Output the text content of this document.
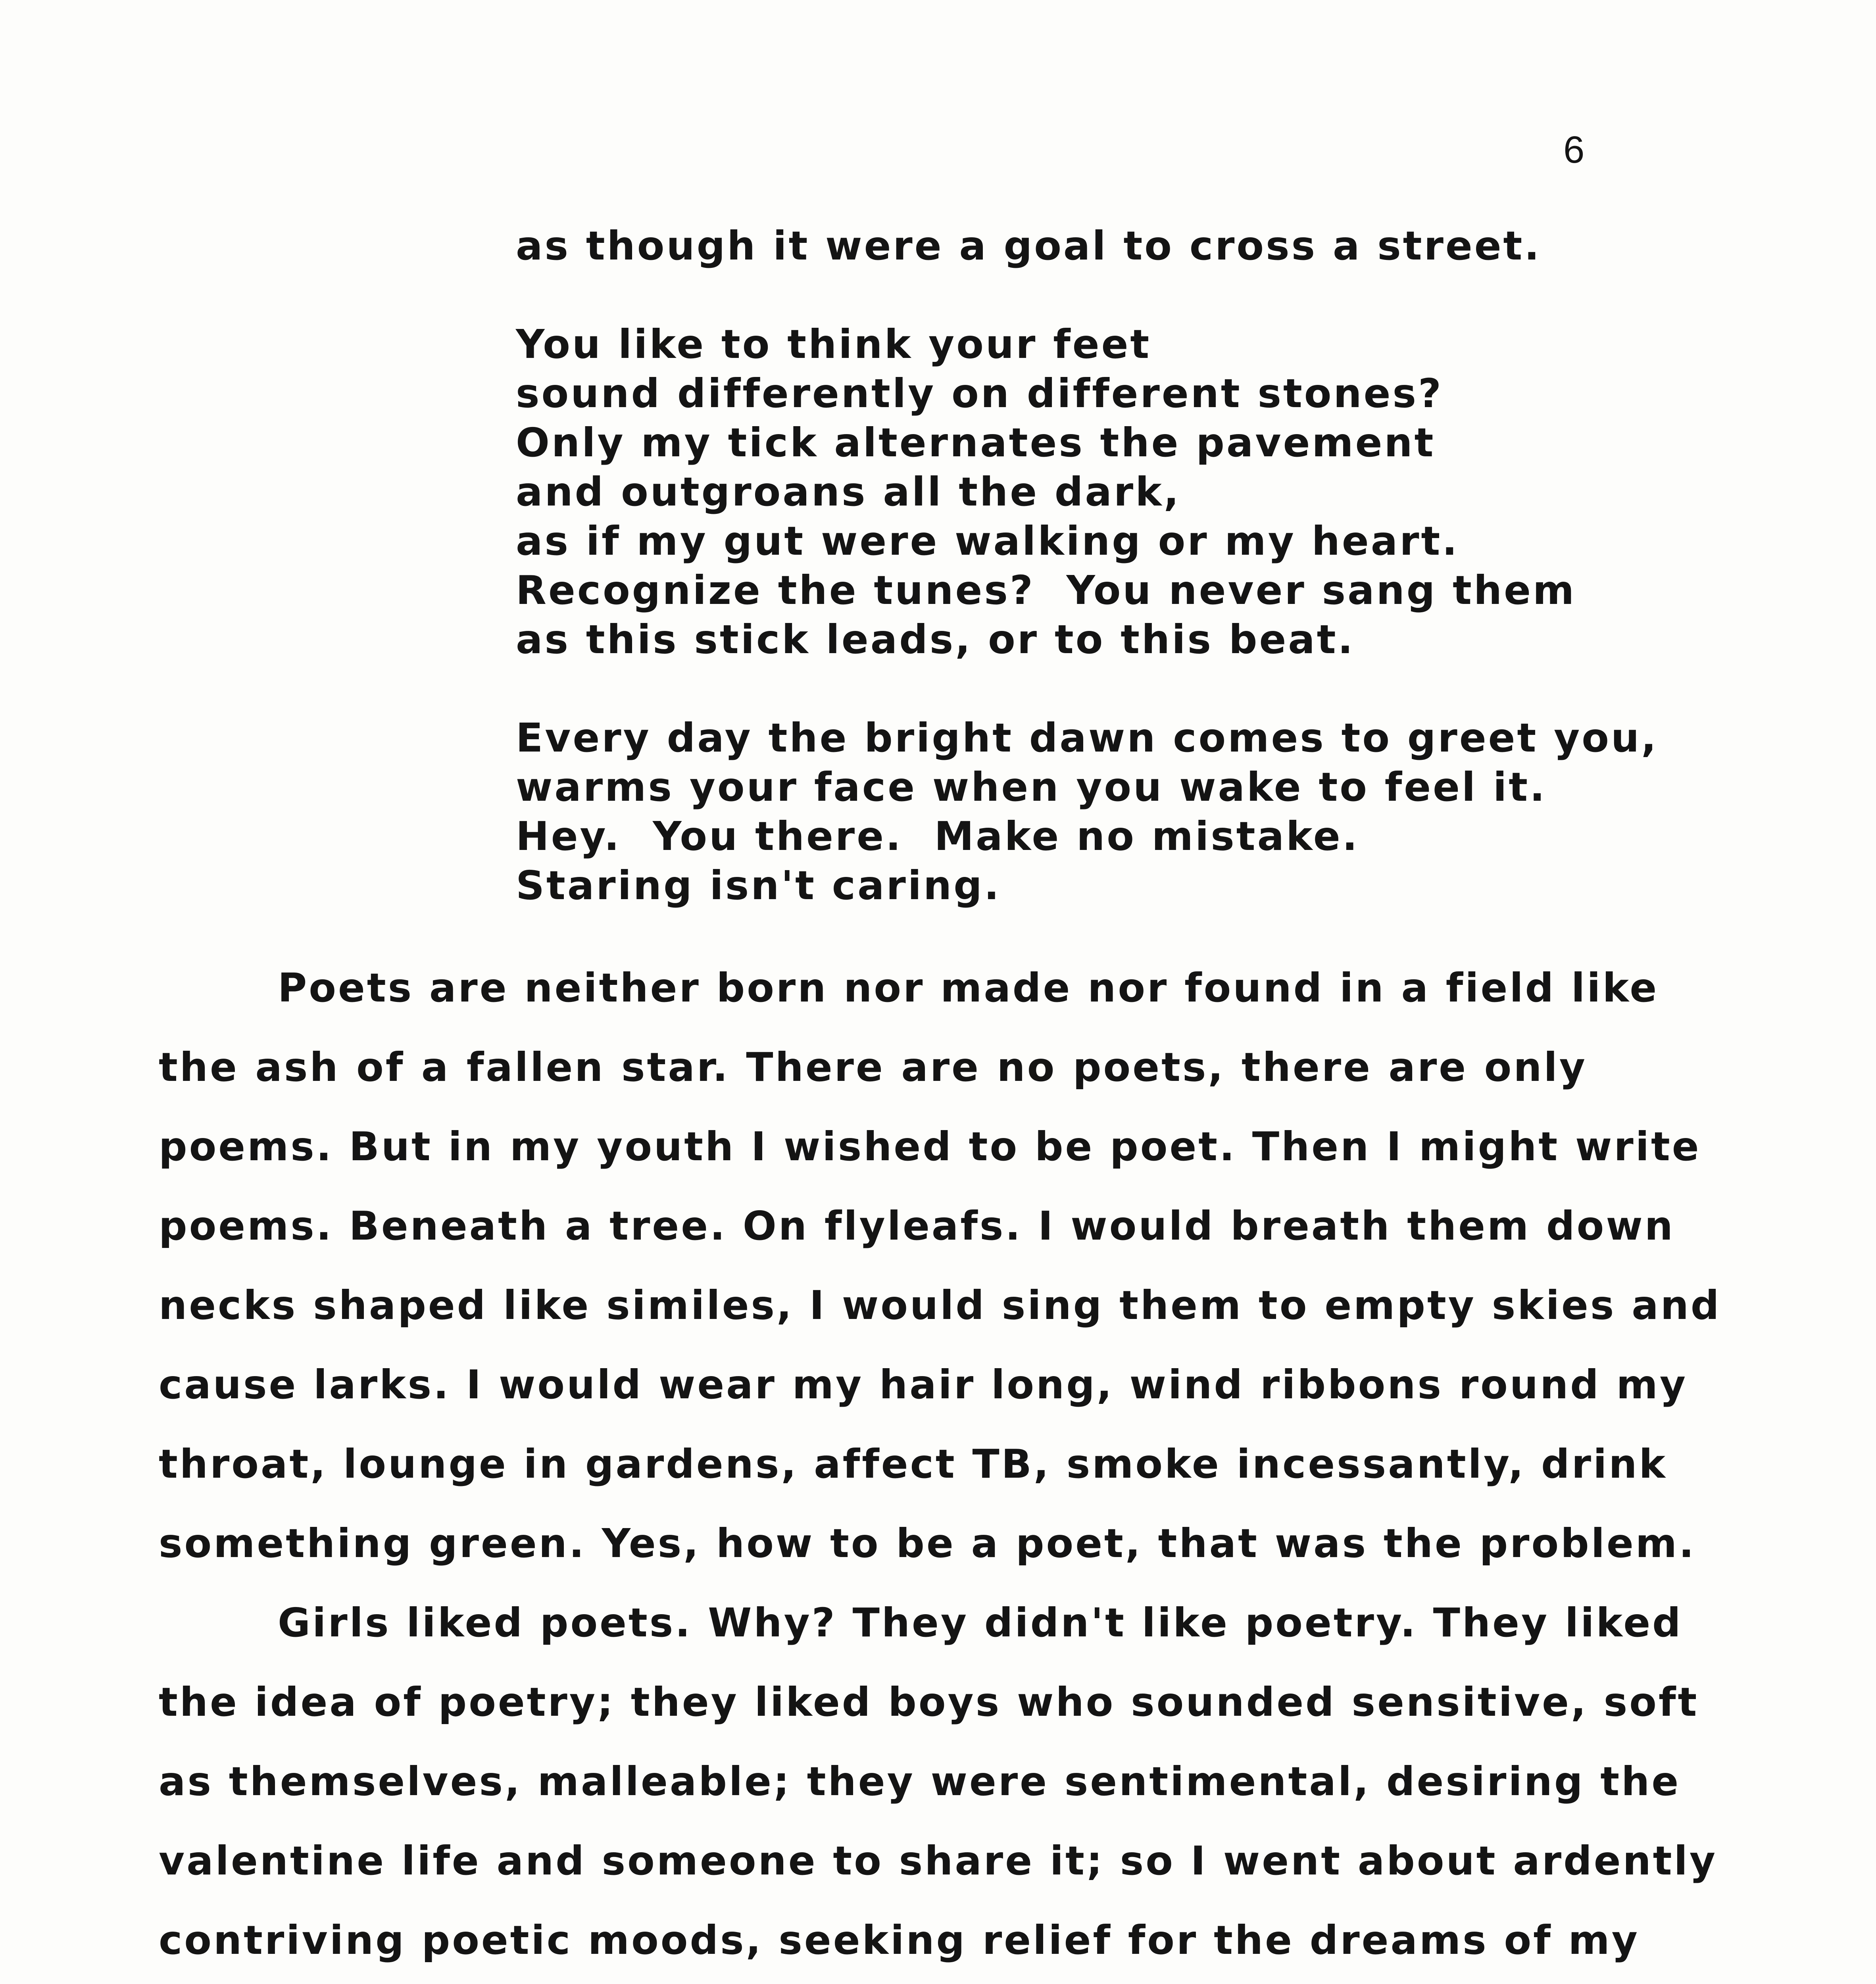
6
as though it were a goal to cross a street.
You like to think your feet
sound differently on different stones?
Only my tick alternates the pavement
and outgroans all the dark,
as if my gut were walking or my heart.
Recognize the tunes?  You never sang them
as this stick leads, or to this beat.
Every day the bright dawn comes to greet you,
warms your face when you wake to feel it.
Hey.  You there.  Make no mistake.
Staring isn't caring.
Poets are neither born nor made nor found in a field like
the ash of a fallen star. There are no poets, there are only
poems. But in my youth I wished to be poet. Then I might write
poems. Beneath a tree. On flyleafs. I would breath them down
necks shaped like similes, I would sing them to empty skies and
cause larks. I would wear my hair long, wind ribbons round my
throat, lounge in gardens, affect TB, smoke incessantly, drink
something green. Yes, how to be a poet, that was the problem.
Girls liked poets. Why? They didn't like poetry. They liked
the idea of poetry; they liked boys who sounded sensitive, soft
as themselves, malleable; they were sentimental, desiring the
valentine life and someone to share it; so I went about ardently
contriving poetic moods, seeking relief for the dreams of my
